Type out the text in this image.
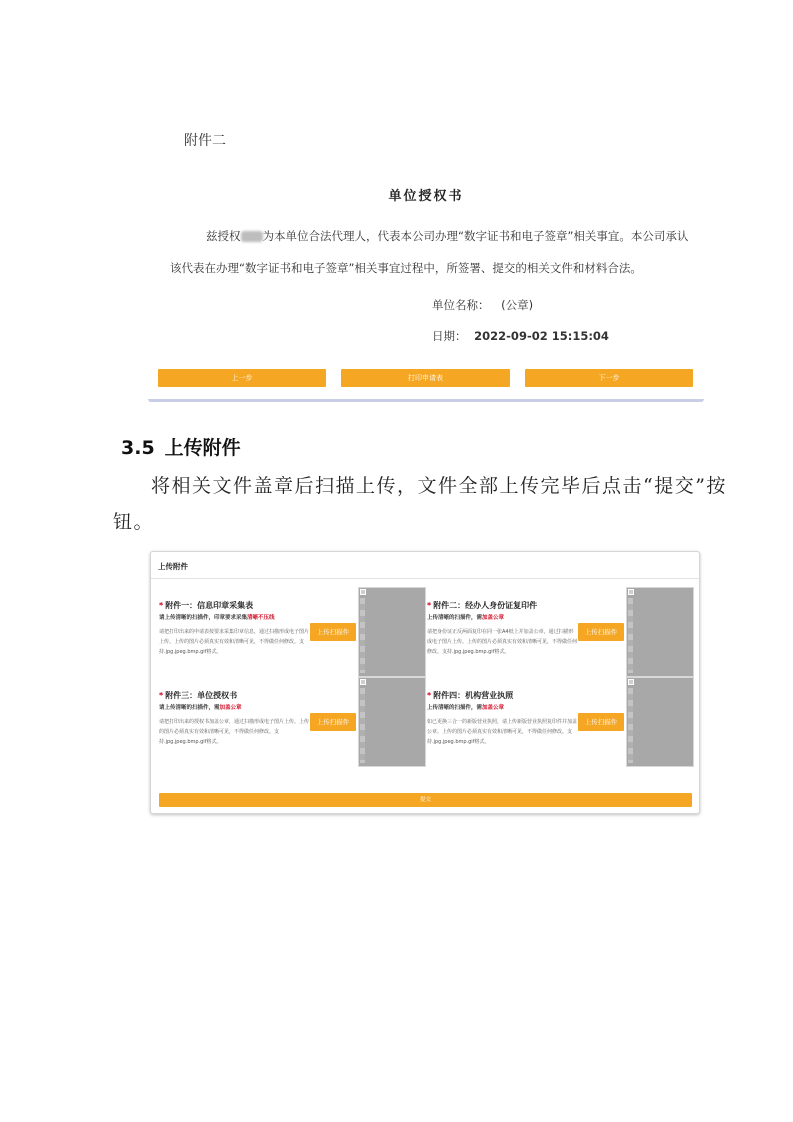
附件二
单位授权书
兹授权 为本单位合法代理人，代表本公司办理“数字证书和电子签章”相关事宜。本公司承认
该代表在办理“数字证书和电子签章”相关事宜过程中，所签署、提交的相关文件和材料合法。
单位名称： (公章)
日期： 2022-09-02 15:15:04
上一步	打印申请表	下一步
3.5 上传附件

将相关文件盖章后扫描上传，文件全部上传完毕后点击“提交”按钮。

上传附件
* 附件一：信息印章采集表
请上传清晰的扫描件，印章要求采集清晰不压线
请把打印出来的申请表按要求采集印章信息，通过扫描形成电子图片上传。上传的图片必须真实有效和清晰可见，不得做任何修改。支持.jpg.jpeg.bmp.gif格式。
上传扫描件
* 附件二：经办人身份证复印件
上传清晰的扫描件，需加盖公章
请把身份证正反两面复印在同一张A4纸上并加盖公章，通过扫描形成电子图片上传。上传的图片必须真实有效和清晰可见，不得做任何修改。支持.jpg.jpeg.bmp.gif格式。
上传扫描件
* 附件三：单位授权书
请上传清晰的扫描件，需加盖公章
请把打印出来的授权书加盖公章，通过扫描形成电子图片上传。上传的图片必须真实有效和清晰可见，不得做任何修改。支持.jpg.jpeg.bmp.gif格式。
上传扫描件
* 附件四：机构营业执照
上传清晰的扫描件，需加盖公章
如已更换三合一的新版营业执照，请上传新版营业执照复印件并加盖公章。上传的图片必须真实有效和清晰可见，不得做任何修改。支持.jpg.jpeg.bmp.gif格式。
上传扫描件
提交
